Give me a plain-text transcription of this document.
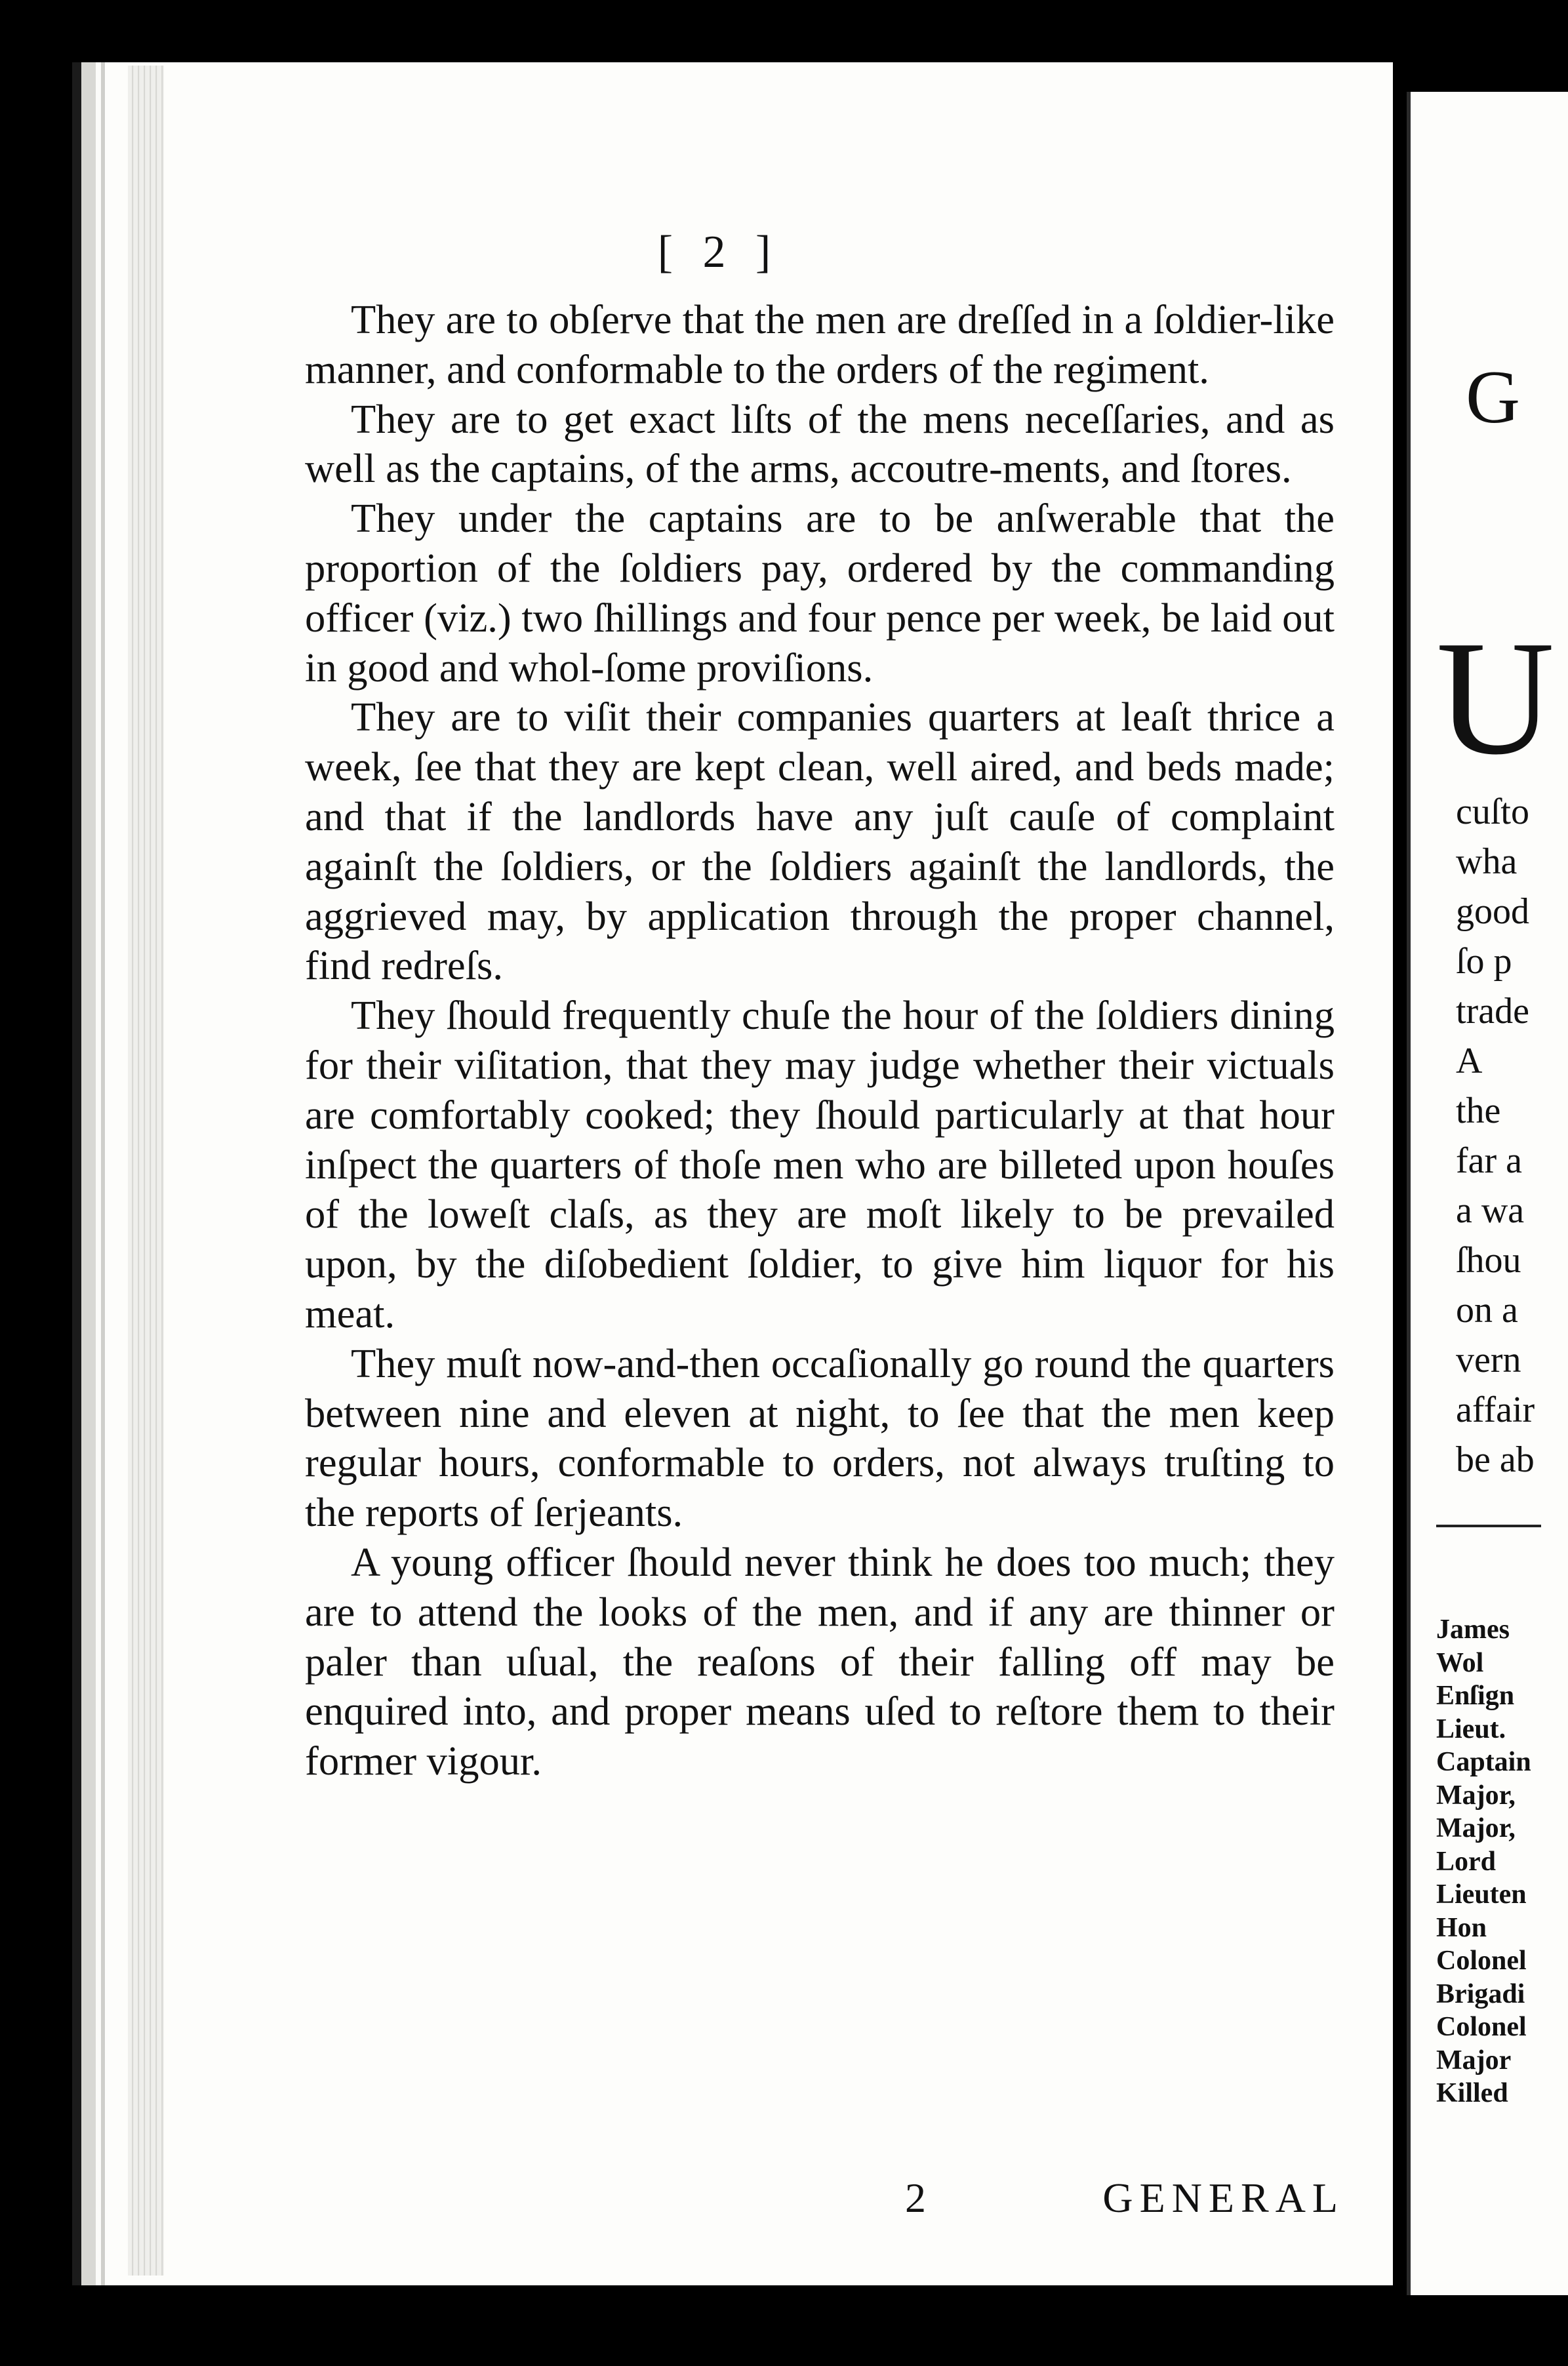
[ 2 ]

They are to obſerve that the men are dreſſed in a ſoldier-like manner, and conformable to the orders of the regiment.

They are to get exact liſts of the mens neceſſaries, and as well as the captains, of the arms, accoutre-ments, and ſtores.

They under the captains are to be anſwerable that the proportion of the ſoldiers pay, ordered by the commanding officer (viz.) two ſhillings and four pence per week, be laid out in good and whol-ſome proviſions.

They are to viſit their companies quarters at leaſt thrice a week, ſee that they are kept clean, well aired, and beds made; and that if the landlords have any juſt cauſe of complaint againſt the ſoldiers, or the ſoldiers againſt the landlords, the aggrieved may, by application through the proper channel, find redreſs.

They ſhould frequently chuſe the hour of the ſoldiers dining for their viſitation, that they may judge whether their victuals are comfortably cooked; they ſhould particularly at that hour inſpect the quarters of thoſe men who are billeted upon houſes of the loweſt claſs, as they are moſt likely to be prevailed upon, by the diſobedient ſoldier, to give him liquor for his meat.

They muſt now-and-then occaſionally go round the quarters between nine and eleven at night, to ſee that the men keep regular hours, conformable to orders, not always truſting to the reports of ſerjeants.

A young officer ſhould never think he does too much; they are to attend the looks of the men, and if any are thinner or paler than uſual, the reaſons of their falling off may be enquired into, and proper means uſed to reſtore them to their former vigour.

2	GENERAL
G
U
cuſto
wha
good
ſo p
trade
A
the
far a
a wa
ſhou
on a
vern
affair
be ab
James
Wol
Enſign
Lieut.
Captain
Major,
Major,
Lord
Lieuten
Hon
Colonel
Brigadi
Colonel
Major
Killed
